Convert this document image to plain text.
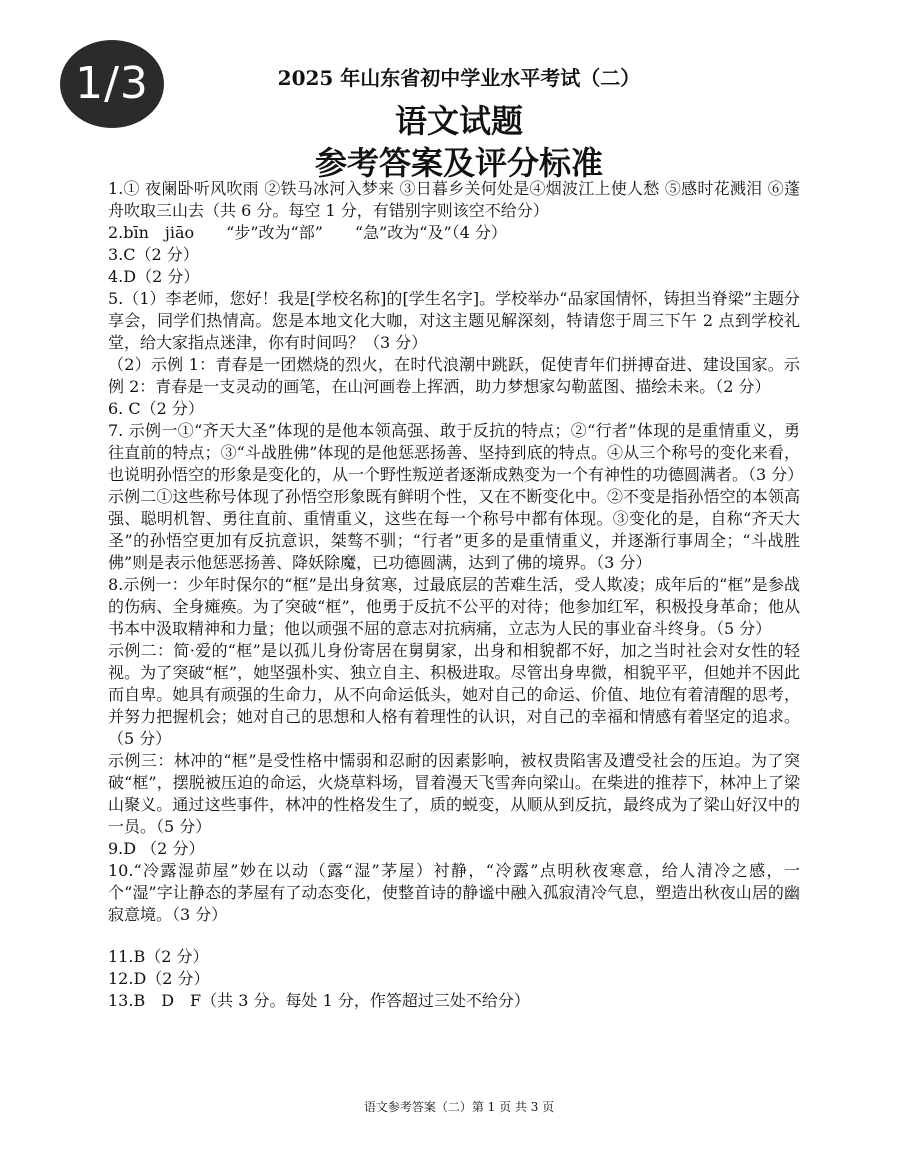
1/3	2025 年山东省初中学业水平考试（二）
语文试题
参考答案及评分标准

1.① 夜阑卧听风吹雨 ②铁马冰河入梦来 ③日暮乡关何处是④烟波江上使人愁 ⑤感时花溅泪 ⑥蓬舟吹取三山去（共 6 分。每空 1 分，有错别字则该空不给分）

2.bīn　jiāo　　“步”改为“部”　　“急”改为“及”（4 分）

3.C（2 分）

4.D（2 分）

5.（1）李老师，您好！我是[学校名称]的[学生名字]。学校举办“品家国情怀，铸担当脊梁”主题分享会，同学们热情高。您是本地文化大咖，对这主题见解深刻，特请您于周三下午 2 点到学校礼堂，给大家指点迷津，你有时间吗？（3 分）

（2）示例 1：青春是一团燃烧的烈火，在时代浪潮中跳跃，促使青年们拼搏奋进、建设国家。示例 2：青春是一支灵动的画笔，在山河画卷上挥洒，助力梦想家勾勒蓝图、描绘未来。（2 分）

6. C（2 分）

7. 示例一①“齐天大圣”体现的是他本领高强、敢于反抗的特点；②“行者”体现的是重情重义，勇往直前的特点；③“斗战胜佛”体现的是他惩恶扬善、坚持到底的特点。④从三个称号的变化来看，也说明孙悟空的形象是变化的，从一个野性叛逆者逐渐成熟变为一个有神性的功德圆满者。（3 分）

示例二①这些称号体现了孙悟空形象既有鲜明个性，又在不断变化中。②不变是指孙悟空的本领高强、聪明机智、勇往直前、重情重义，这些在每一个称号中都有体现。③变化的是，自称“齐天大圣”的孙悟空更加有反抗意识，桀骜不驯；“行者”更多的是重情重义，并逐渐行事周全；“斗战胜佛”则是表示他惩恶扬善、降妖除魔，已功德圆满，达到了佛的境界。（3 分）

8.示例一：少年时保尔的“框”是出身贫寒，过最底层的苦难生活，受人欺凌；成年后的“框”是参战的伤病、全身瘫痪。为了突破“框”，他勇于反抗不公平的对待；他参加红军，积极投身革命；他从书本中汲取精神和力量；他以顽强不屈的意志对抗病痛，立志为人民的事业奋斗终身。（5 分）

示例二：简·爱的“框”是以孤儿身份寄居在舅舅家，出身和相貌都不好，加之当时社会对女性的轻视。为了突破“框”，她坚强朴实、独立自主、积极进取。尽管出身卑微，相貌平平，但她并不因此而自卑。她具有顽强的生命力，从不向命运低头，她对自己的命运、价值、地位有着清醒的思考，并努力把握机会；她对自己的思想和人格有着理性的认识，对自己的幸福和情感有着坚定的追求。（5 分）

示例三：林冲的“框”是受性格中懦弱和忍耐的因素影响，被权贵陷害及遭受社会的压迫。为了突破“框”，摆脱被压迫的命运，火烧草料场，冒着漫天飞雪奔向梁山。在柴进的推荐下，林冲上了梁山聚义。通过这些事件，林冲的性格发生了，质的蜕变，从顺从到反抗，最终成为了梁山好汉中的一员。（5 分）

9.D （2 分）

10.“冷露湿茆屋”妙在以动（露“湿”茅屋）衬静，“冷露”点明秋夜寒意，给人清冷之感，一个“湿”字让静态的茅屋有了动态变化，使整首诗的静谧中融入孤寂清冷气息，塑造出秋夜山居的幽寂意境。（3 分）

11.B（2 分）

12.D（2 分）

13.B　D　F（共 3 分。每处 1 分，作答超过三处不给分）

语文参考答案（二）第 1 页 共 3 页
